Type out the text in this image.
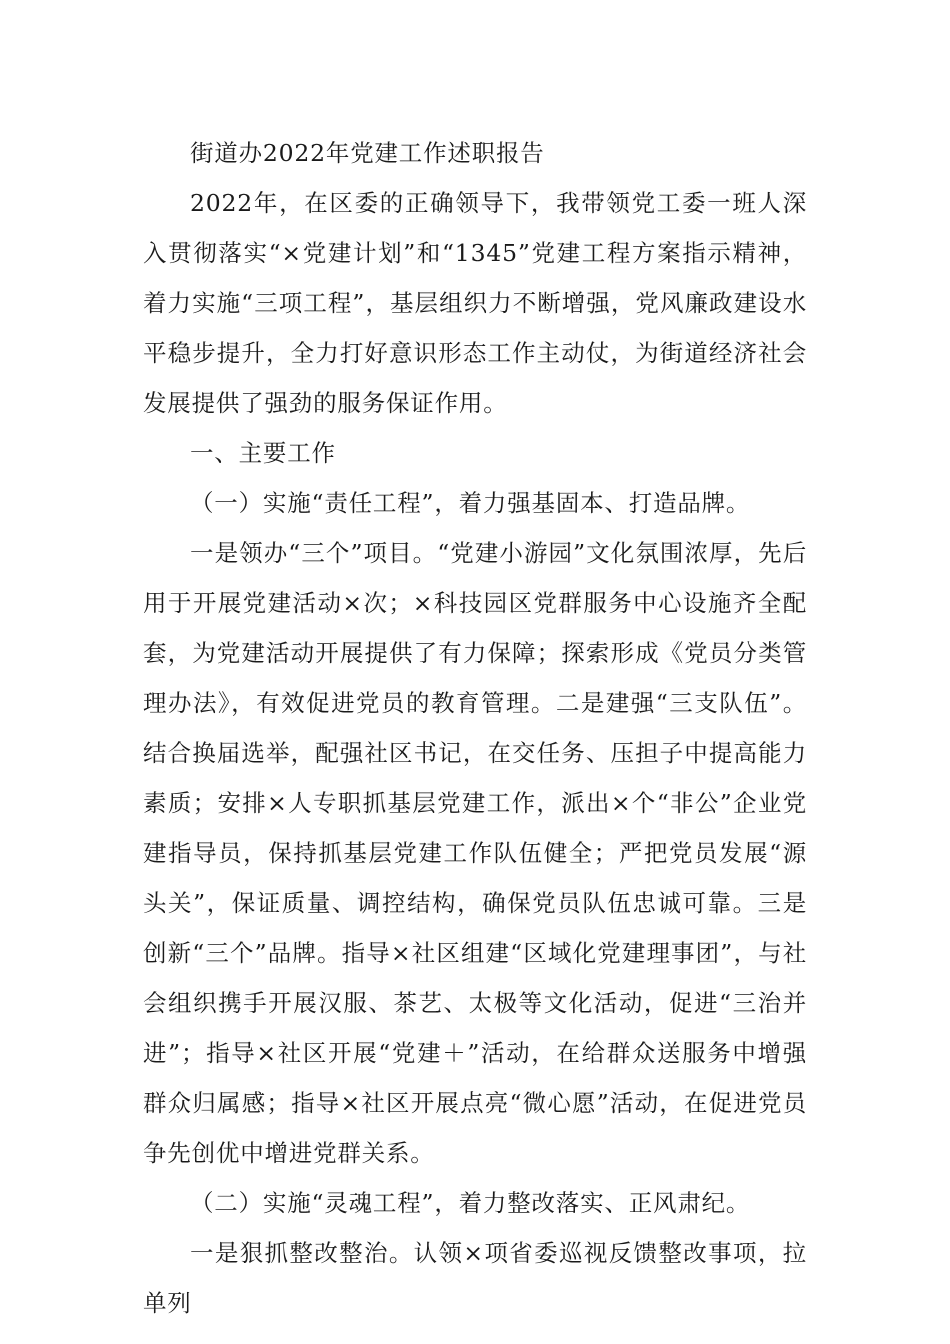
街道办2022年党建工作述职报告

2022年，在区委的正确领导下，我带领党工委一班人深入贯彻落实“×党建计划”和“1345”党建工程方案指示精神，着力实施“三项工程”，基层组织力不断增强，党风廉政建设水平稳步提升，全力打好意识形态工作主动仗，为街道经济社会发展提供了强劲的服务保证作用。

一、主要工作

（一）实施“责任工程”，着力强基固本、打造品牌。

一是领办“三个”项目。“党建小游园”文化氛围浓厚，先后用于开展党建活动×次；×科技园区党群服务中心设施齐全配套，为党建活动开展提供了有力保障；探索形成《党员分类管理办法》，有效促进党员的教育管理。二是建强“三支队伍”。结合换届选举，配强社区书记，在交任务、压担子中提高能力素质；安排×人专职抓基层党建工作，派出×个“非公”企业党建指导员，保持抓基层党建工作队伍健全；严把党员发展“源头关”，保证质量、调控结构，确保党员队伍忠诚可靠。三是创新“三个”品牌。指导×社区组建“区域化党建理事团”，与社会组织携手开展汉服、茶艺、太极等文化活动，促进“三治并进”；指导×社区开展“党建＋”活动，在给群众送服务中增强群众归属感；指导×社区开展点亮“微心愿”活动，在促进党员争先创优中增进党群关系。

（二）实施“灵魂工程”，着力整改落实、正风肃纪。

一是狠抓整改整治。认领×项省委巡视反馈整改事项，拉单列
